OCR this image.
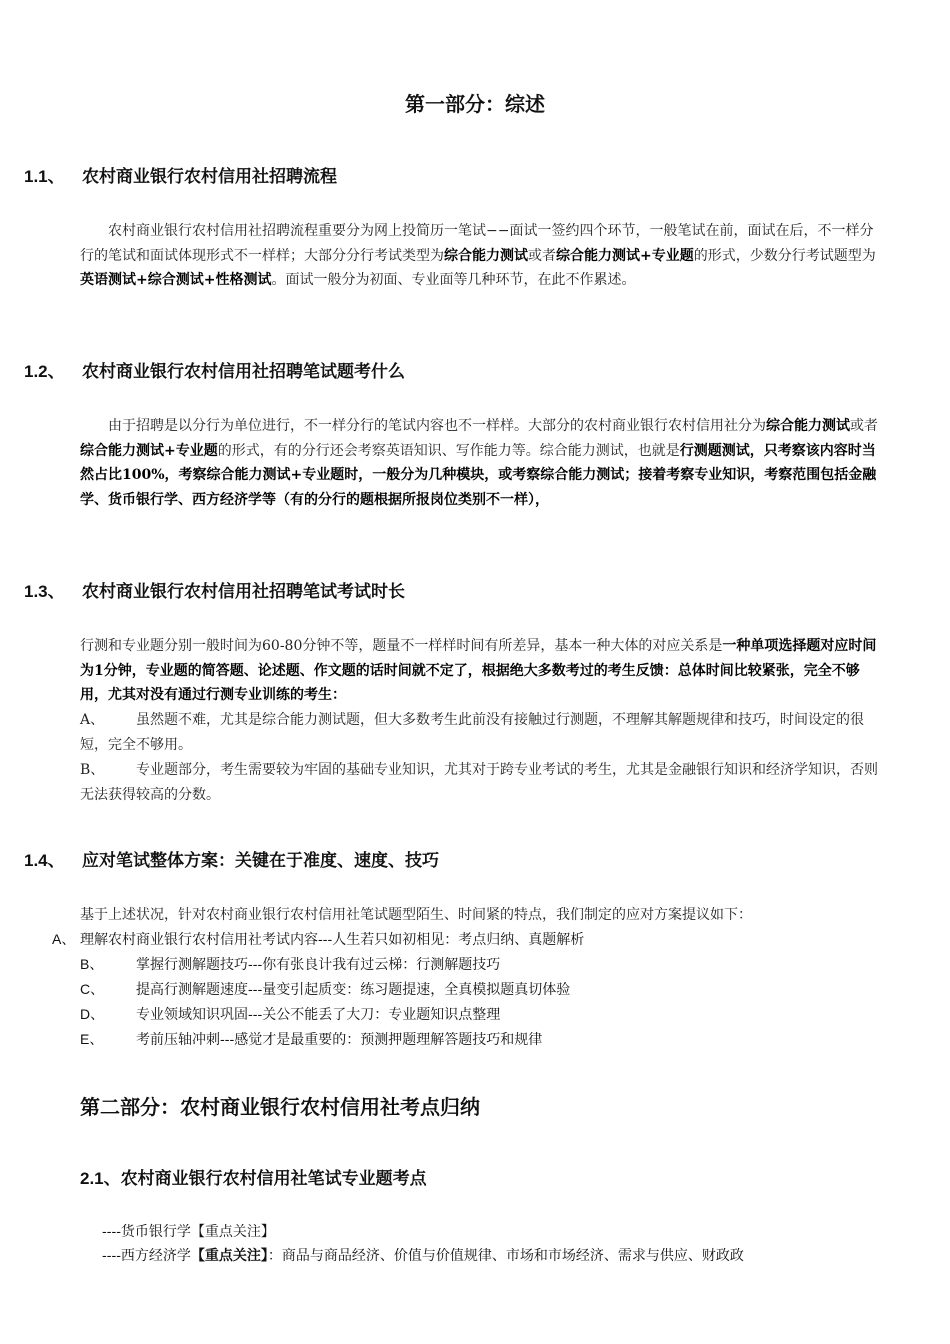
第一部分：综述
1.1、 农村商业银行农村信用社招聘流程
农村商业银行农村信用社招聘流程重要分为网上投简历一笔试−−面试一签约四个环节，一般笔试在前，面试在后，不一样分行的笔试和面试体现形式不一样样；大部分分行考试类型为综合能力测试或者综合能力测试+专业题的形式，少数分行考试题型为英语测试+综合测试+性格测试。面试一般分为初面、专业面等几种环节，在此不作累述。
1.2、 农村商业银行农村信用社招聘笔试题考什么
由于招聘是以分行为单位进行，不一样分行的笔试内容也不一样样。大部分的农村商业银行农村信用社分为综合能力测试或者综合能力测试+专业题的形式，有的分行还会考察英语知识、写作能力等。综合能力测试，也就是行测题测试，只考察该内容时当然占比100%，考察综合能力测试+专业题时，一般分为几种模块，或考察综合能力测试；接着考察专业知识，考察范围包括金融学、货币银行学、西方经济学等（有的分行的题根据所报岗位类别不一样），
1.3、 农村商业银行农村信用社招聘笔试考试时长
行测和专业题分别一般时间为60-80分钟不等，题量不一样样时间有所差异，基本一种大体的对应关系是一种单项选择题对应时间为1分钟，专业题的简答题、论述题、作文题的话时间就不定了，根据绝大多数考过的考生反馈：总体时间比较紧张，完全不够用，尤其对没有通过行测专业训练的考生：
A、 虽然题不难，尤其是综合能力测试题，但大多数考生此前没有接触过行测题，不理解其解题规律和技巧，时间设定的很短，完全不够用。
B、 专业题部分，考生需要较为牢固的基础专业知识，尤其对于跨专业考试的考生，尤其是金融银行知识和经济学知识，否则无法获得较高的分数。
1.4、 应对笔试整体方案：关键在于准度、速度、技巧
基于上述状况，针对农村商业银行农村信用社笔试题型陌生、时间紧的特点，我们制定的应对方案提议如下：
A、 理解农村商业银行农村信用社考试内容---人生若只如初相见：考点归纳、真题解析
B、 掌握行测解题技巧---你有张良计我有过云梯：行测解题技巧
C、 提高行测解题速度---量变引起质变：练习题提速，全真模拟题真切体验
D、 专业领域知识巩固---关公不能丢了大刀：专业题知识点整理
E、 考前压轴冲刺---感觉才是最重要的：预测押题理解答题技巧和规律
第二部分：农村商业银行农村信用社考点归纳
2.1、农村商业银行农村信用社笔试专业题考点
----货币银行学【重点关注】
----西方经济学【重点关注】：商品与商品经济、价值与价值规律、市场和市场经济、需求与供应、财政政
